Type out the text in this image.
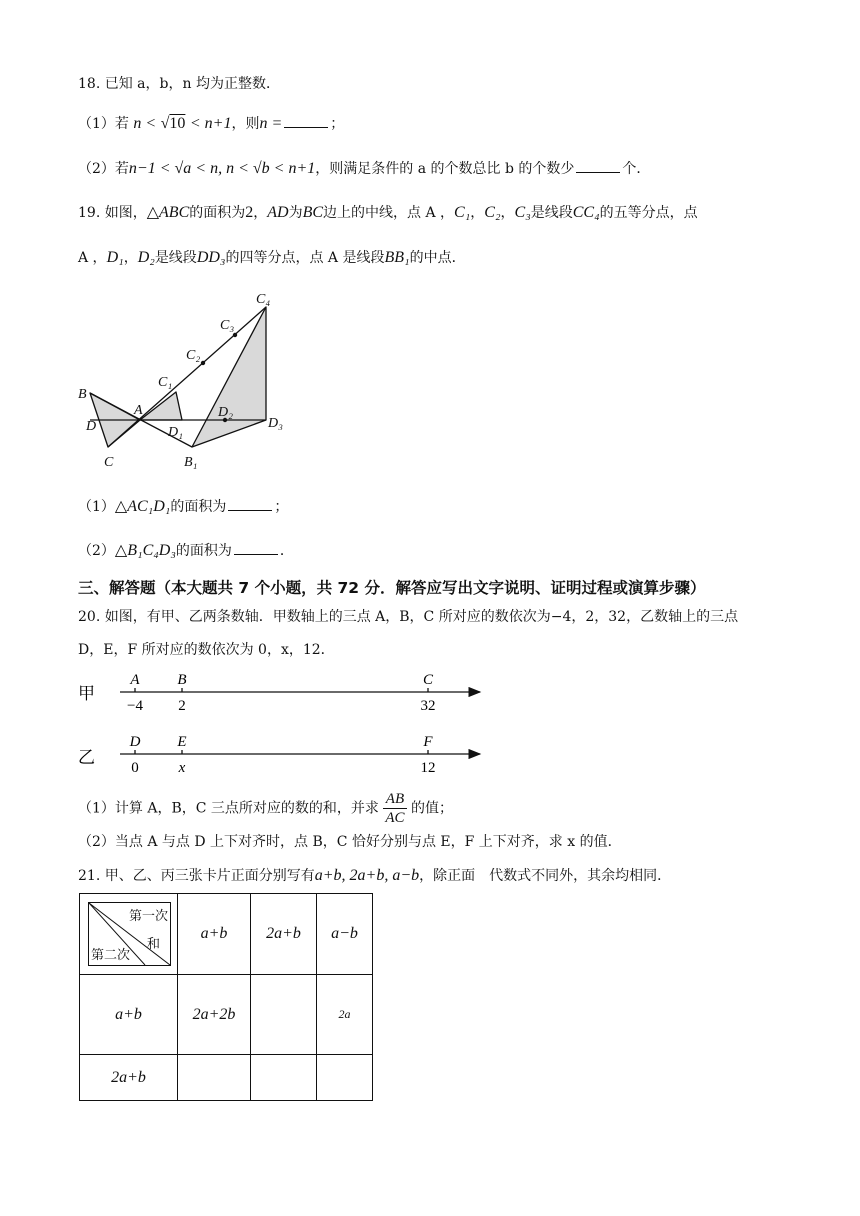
18. 已知 a，b，n 均为正整数．
（1）若 n < √10 < n+1，则n =	；
（2）若n−1 < √a < n, n < √b < n+1，则满足条件的 a 的个数总比 b 的个数少	个．
19. 如图，△ABC的面积为2，AD为BC边上的中线，点 A ，C₁，C₂，C₃是线段CC₄的五等分点，点
A ，D₁，D₂是线段DD₃的四等分点，点 A 是线段BB₁的中点．
B
D
C
A
C₁
C₂
C₃
C₄
D₁
D₂
D₃
B₁
（1）△AC₁D₁的面积为	；
（2）△B₁C₄D₃的面积为	．
三、解答题（本大题共 7 个小题，共 72 分．解答应写出文字说明、证明过程或演算步骤）
20. 如图，有甲、乙两条数轴．甲数轴上的三点 A，B，C 所对应的数依次为−4，2，32，乙数轴上的三点
D，E，F 所对应的数依次为 0，x，12．
甲
A	B	C
−4 2	32
乙
D E	F
0	x	12
（1）计算 A，B，C 三点所对应的数的和，并求 $\frac{AB}{AC}$ 的值；
（2）当点 A 与点 D 上下对齐时，点 B，C 恰好分别与点 E，F 上下对齐，求 x 的值．
21. 甲、乙、丙三张卡片正面分别写有a+b, 2a+b, a−b，除正面　代数式不同外，其余均相同．
第一次
和
第二次	a+b	2a+b	a−b
a+b	2a+2b		2a
2a+b			
